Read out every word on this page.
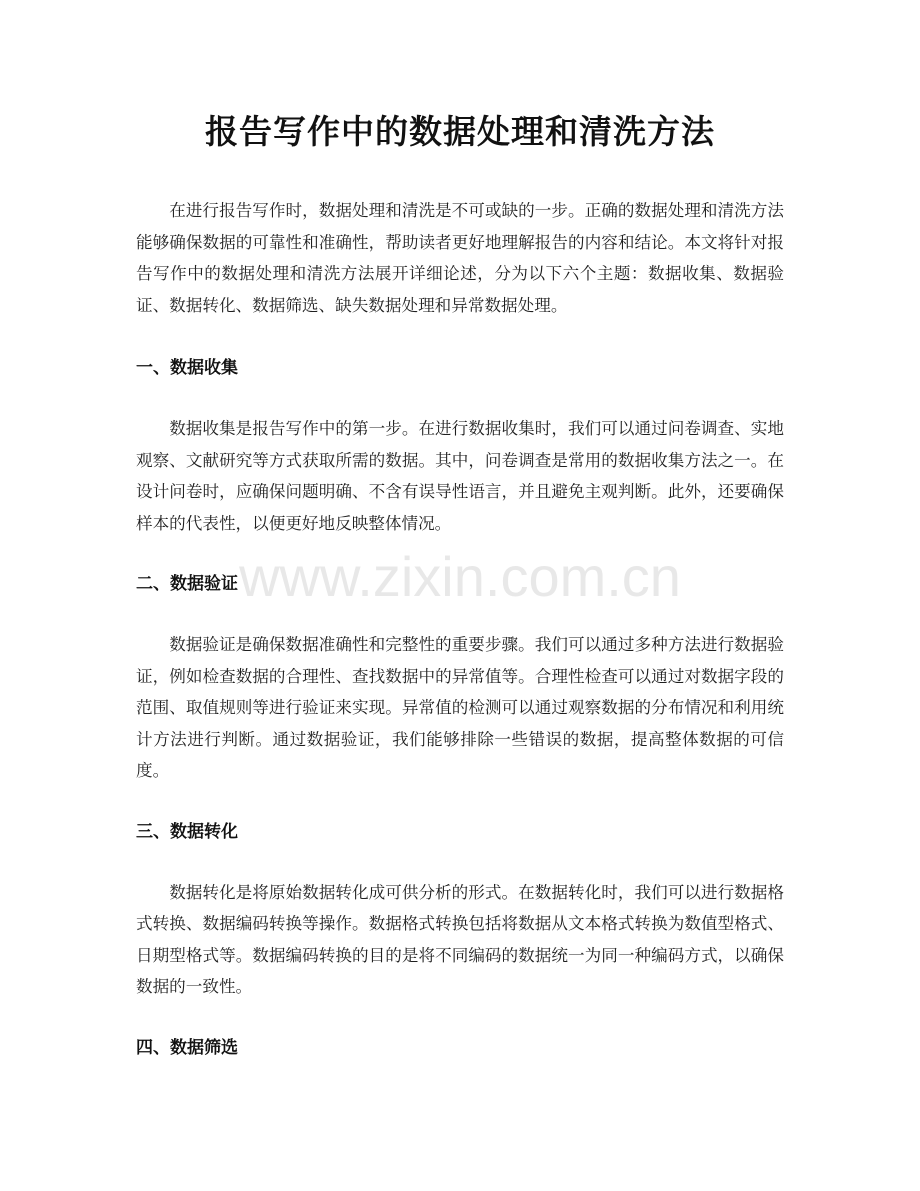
报告写作中的数据处理和清洗方法

在进行报告写作时，数据处理和清洗是不可或缺的一步。正确的数据处理和清洗方法能够确保数据的可靠性和准确性，帮助读者更好地理解报告的内容和结论。本文将针对报告写作中的数据处理和清洗方法展开详细论述，分为以下六个主题：数据收集、数据验证、数据转化、数据筛选、缺失数据处理和异常数据处理。

一、数据收集

数据收集是报告写作中的第一步。在进行数据收集时，我们可以通过问卷调查、实地观察、文献研究等方式获取所需的数据。其中，问卷调查是常用的数据收集方法之一。在设计问卷时，应确保问题明确、不含有误导性语言，并且避免主观判断。此外，还要确保样本的代表性，以便更好地反映整体情况。

二、数据验证

数据验证是确保数据准确性和完整性的重要步骤。我们可以通过多种方法进行数据验证，例如检查数据的合理性、查找数据中的异常值等。合理性检查可以通过对数据字段的范围、取值规则等进行验证来实现。异常值的检测可以通过观察数据的分布情况和利用统计方法进行判断。通过数据验证，我们能够排除一些错误的数据，提高整体数据的可信度。

三、数据转化

数据转化是将原始数据转化成可供分析的形式。在数据转化时，我们可以进行数据格式转换、数据编码转换等操作。数据格式转换包括将数据从文本格式转换为数值型格式、日期型格式等。数据编码转换的目的是将不同编码的数据统一为同一种编码方式，以确保数据的一致性。

四、数据筛选
www.zixin.com.cn
